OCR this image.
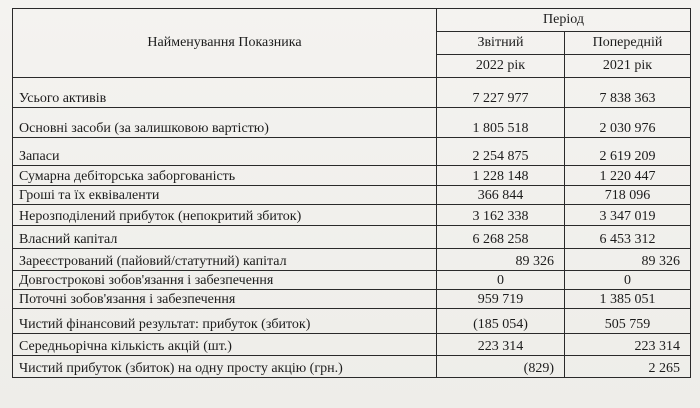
Найменування Показника	Період	
	Звітний	Попередній
	2022 рік	2021 рік
Усього активів	7 227 977	7 838 363
Основні засоби (за залишковою вартістю)	1 805 518	2 030 976
Запаси	2 254 875	2 619 209
Сумарна дебіторська заборгованість	1 228 148	1 220 447
Гроші та їх еквіваленти	366 844	718 096
Нерозподілений прибуток (непокритий збиток)	3 162 338	3 347 019
Власний капітал	6 268 258	6 453 312
Зареєстрований (пайовий/статутний) капітал	89 326	89 326
Довгострокові зобов'язання і забезпечення	0	0
Поточні зобов'язання і забезпечення	959 719	1 385 051
Чистий фінансовий результат: прибуток (збиток)	(185 054)	505 759
Середньорічна кількість акцій (шт.)	223 314	223 314
Чистий прибуток (збиток) на одну просту акцію (грн.)	(829)	2 265
